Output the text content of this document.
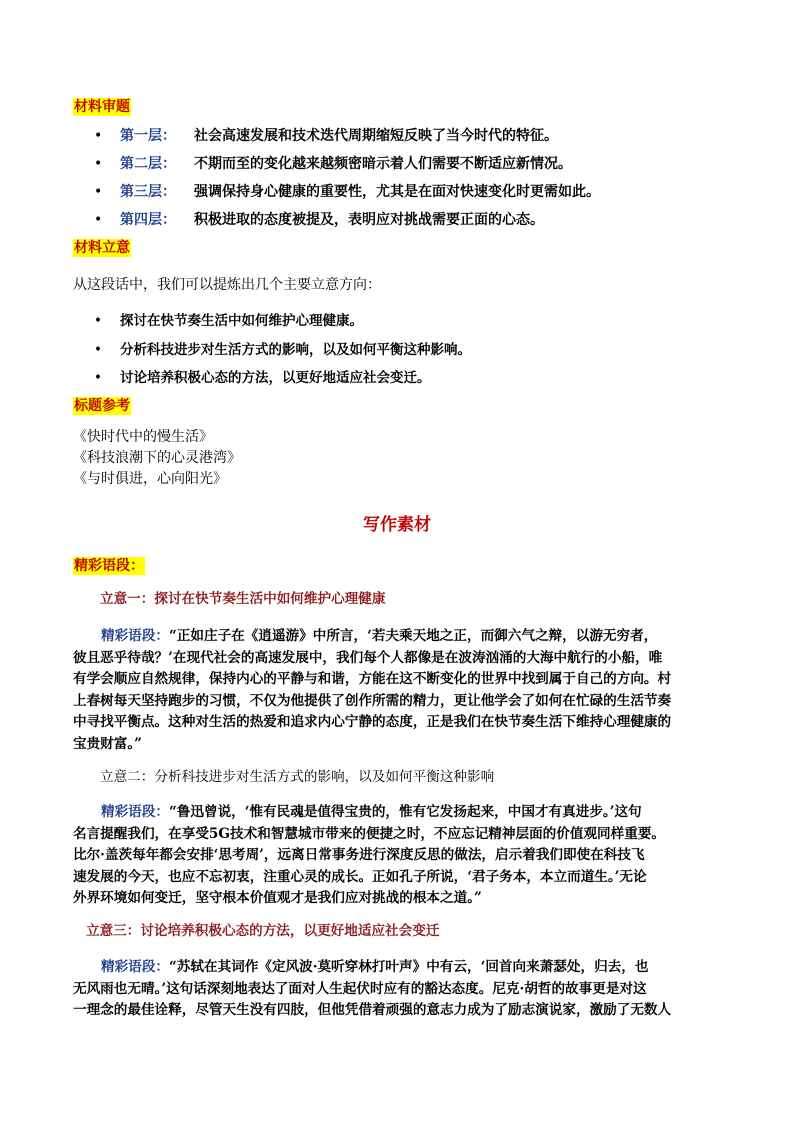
材料审题
• 第一层： 社会高速发展和技术迭代周期缩短反映了当今时代的特征。
• 第二层： 不期而至的变化越来越频密暗示着人们需要不断适应新情况。
• 第三层： 强调保持身心健康的重要性，尤其是在面对快速变化时更需如此。
• 第四层： 积极进取的态度被提及，表明应对挑战需要正面的心态。
材料立意
从这段话中，我们可以提炼出几个主要立意方向：
• 探讨在快节奏生活中如何维护心理健康。
• 分析科技进步对生活方式的影响，以及如何平衡这种影响。
• 讨论培养积极心态的方法，以更好地适应社会变迁。
标题参考
《快时代中的慢生活》
《科技浪潮下的心灵港湾》
《与时俱进，心向阳光》
写作素材
精彩语段：
立意一：探讨在快节奏生活中如何维护心理健康
精彩语段：“正如庄子在《逍遥游》中所言，‘若夫乘天地之正，而御六气之辩，以游无穷者，
彼且恶乎待哉？’在现代社会的高速发展中，我们每个人都像是在波涛汹涌的大海中航行的小船，唯
有学会顺应自然规律，保持内心的平静与和谐，方能在这不断变化的世界中找到属于自己的方向。村
上春树每天坚持跑步的习惯，不仅为他提供了创作所需的精力，更让他学会了如何在忙碌的生活节奏
中寻找平衡点。这种对生活的热爱和追求内心宁静的态度，正是我们在快节奏生活下维持心理健康的
宝贵财富。”
立意二：分析科技进步对生活方式的影响，以及如何平衡这种影响
精彩语段：“鲁迅曾说，‘惟有民魂是值得宝贵的，惟有它发扬起来，中国才有真进步。’这句
名言提醒我们，在享受5G技术和智慧城市带来的便捷之时，不应忘记精神层面的价值观同样重要。
比尔·盖茨每年都会安排‘思考周’，远离日常事务进行深度反思的做法，启示着我们即使在科技飞
速发展的今天，也应不忘初衷，注重心灵的成长。正如孔子所说，‘君子务本，本立而道生。’无论
外界环境如何变迁，坚守根本价值观才是我们应对挑战的根本之道。”
立意三：讨论培养积极心态的方法，以更好地适应社会变迁
精彩语段：“苏轼在其词作《定风波·莫听穿林打叶声》中有云，‘回首向来萧瑟处，归去，也
无风雨也无晴。’这句话深刻地表达了面对人生起伏时应有的豁达态度。尼克·胡哲的故事更是对这
一理念的最佳诠释，尽管天生没有四肢，但他凭借着顽强的意志力成为了励志演说家，激励了无数人
